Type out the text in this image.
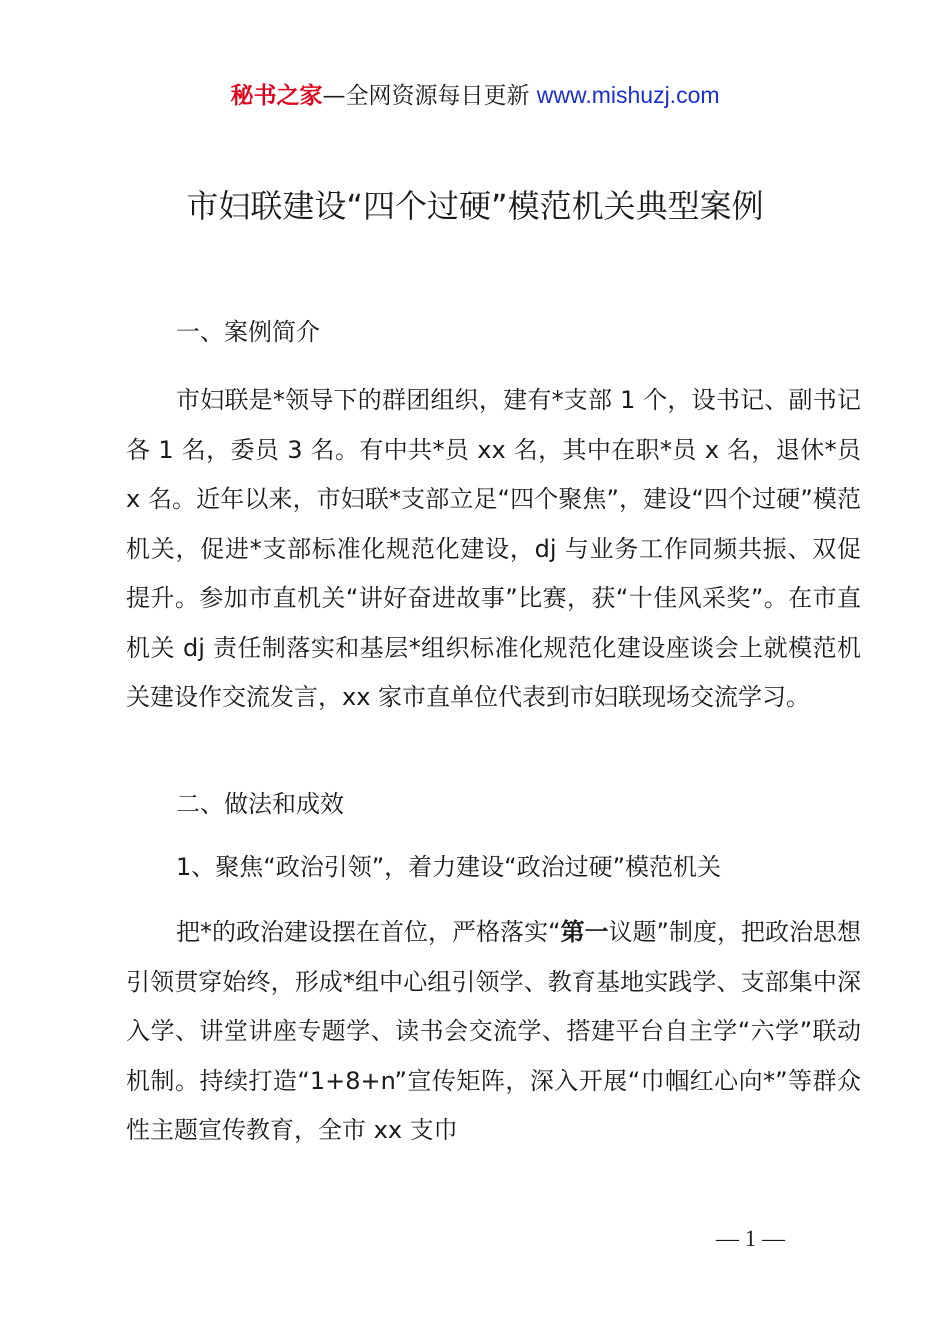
秘书之家—全网资源每日更新 www.mishuzj.com
市妇联建设“四个过硬”模范机关典型案例

一、案例简介

市妇联是*领导下的群团组织，建有*支部 1 个，设书记、副书记各 1 名，委员 3 名。有中共*员 xx 名，其中在职*员 x 名，退休*员 x 名。近年以来，市妇联*支部立足“四个聚焦”，建设“四个过硬”模范机关，促进*支部标准化规范化建设，dj 与业务工作同频共振、双促提升。参加市直机关“讲好奋进故事”比赛，获“十佳风采奖”。在市直机关 dj 责任制落实和基层*组织标准化规范化建设座谈会上就模范机关建设作交流发言，xx 家市直单位代表到市妇联现场交流学习。

二、做法和成效

1、聚焦“政治引领”，着力建设“政治过硬”模范机关

把*的政治建设摆在首位，严格落实“第一议题”制度，把政治思想引领贯穿始终，形成*组中心组引领学、教育基地实践学、支部集中深入学、讲堂讲座专题学、读书会交流学、搭建平台自主学“六学”联动机制。持续打造“1+8+n”宣传矩阵，深入开展“巾帼红心向*”等群众性主题宣传教育，全市 xx 支巾

— 1 —
